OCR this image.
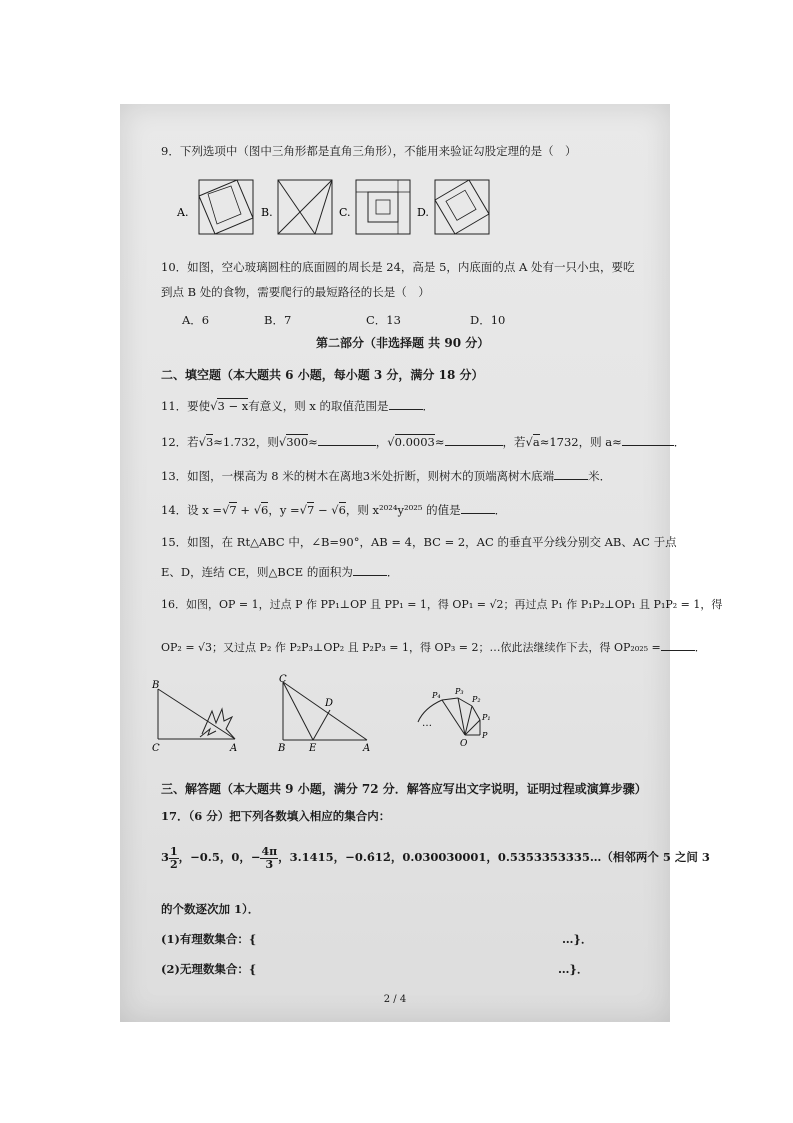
9．下列选项中（图中三角形都是直角三角形），不能用来验证勾股定理的是（　）
A.	B.	C.	D.
10．如图，空心玻璃圆柱的底面圆的周长是 24，高是 5，内底面的点 A 处有一只小虫，要吃
到点 B 处的食物，需要爬行的最短路径的长是（　）
A．6	B．7	C．13	D．10
第二部分（非选择题 共 90 分）
二、填空题（本大题共 6 小题，每小题 3 分，满分 18 分）
11．要使√3 − x有意义，则 x 的取值范围是	．
12．若√3≈1.732，则√300≈	，√0.0003≈	，若√a≈1732，则 a≈	．
13．如图，一棵高为 8 米的树木在离地3米处折断，则树木的顶端离树木底端	米．
14．设 x =√7 + √6，y =√7 − √6，则 x²⁰²⁴y²⁰²⁵ 的值是	．
15．如图，在 Rt△ABC 中，∠B=90°，AB = 4，BC = 2，AC 的垂直平分线分别交 AB、AC 于点
E、D，连结 CE，则△BCE 的面积为	．
16．如图，OP = 1，过点 P 作 PP₁⊥OP 且 PP₁ = 1，得 OP₁ = √2；再过点 P₁ 作 P₁P₂⊥OP₁ 且 P₁P₂ = 1，得
OP₂ = √3；又过点 P₂ 作 P₂P₃⊥OP₂ 且 P₂P₃ = 1，得 OP₃ = 2；…依此法继续作下去，得 OP₂₀₂₅ =	．
B
C	A
C
D
B E	A
…
P₄ P₃
P₂
P₁
P
O
三、解答题（本大题共 9 小题，满分 72 分．解答应写出文字说明，证明过程或演算步骤）
17．（6 分）把下列各数填入相应的集合内：
$3 \frac{1}{2}$ ，−0.5，0，− $\frac{4\pi}{3}$ ，3.1415，−0.6̇12̇，0.030030001，0.5353353335…（相邻两个 5 之间 3
的个数逐次加 1）．
(1)有理数集合：{	…}．
(2)无理数集合：{	…}．
2 / 4
